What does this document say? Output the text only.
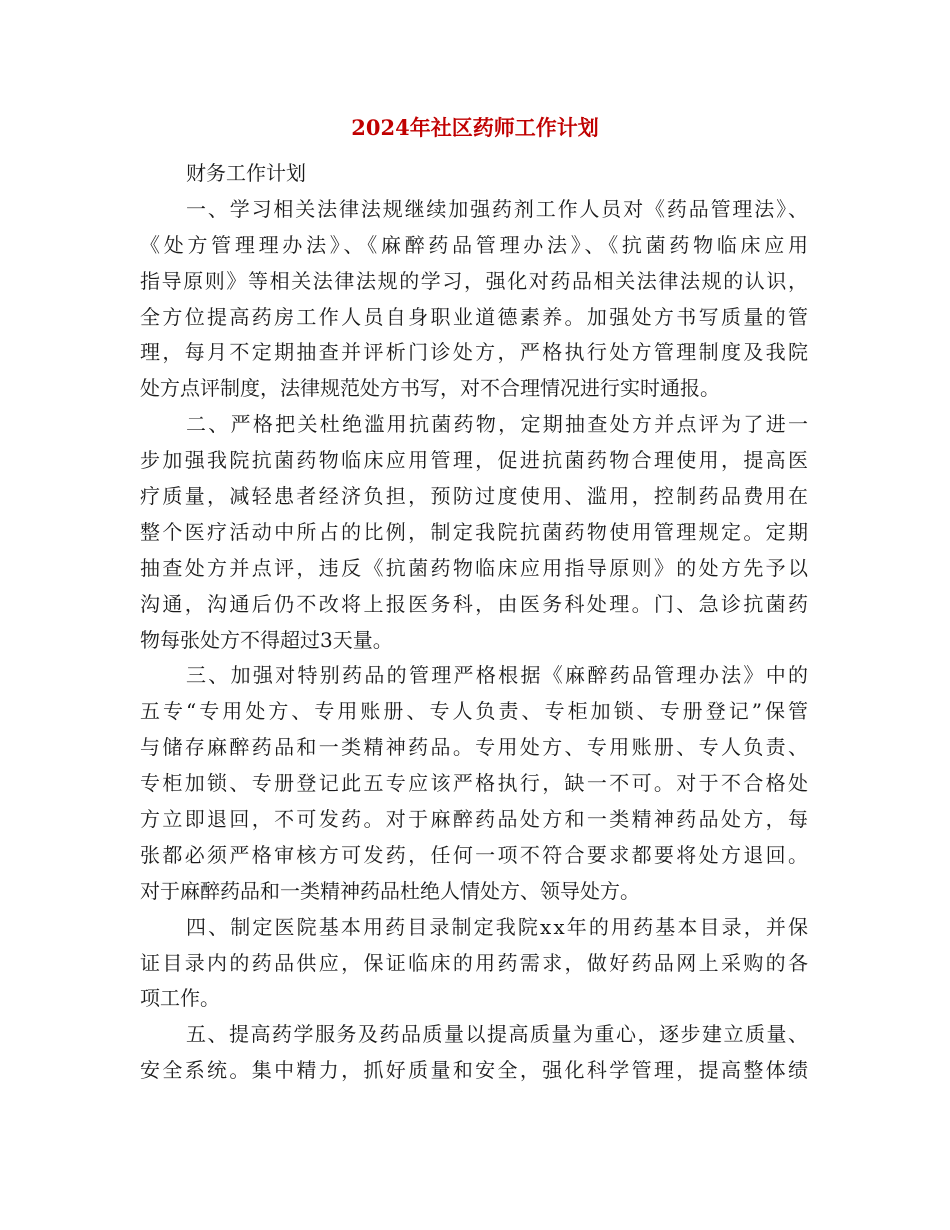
2024年社区药师工作计划
财务工作计划
一、学习相关法律法规继续加强药剂工作人员对《药品管理法》、
《处方管理理办法》、《麻醉药品管理办法》、《抗菌药物临床应用
指导原则》等相关法律法规的学习，强化对药品相关法律法规的认识，
全方位提高药房工作人员自身职业道德素养。加强处方书写质量的管
理，每月不定期抽查并评析门诊处方，严格执行处方管理制度及我院
处方点评制度，法律规范处方书写，对不合理情况进行实时通报。
二、严格把关杜绝滥用抗菌药物，定期抽查处方并点评为了进一
步加强我院抗菌药物临床应用管理，促进抗菌药物合理使用，提高医
疗质量，减轻患者经济负担，预防过度使用、滥用，控制药品费用在
整个医疗活动中所占的比例，制定我院抗菌药物使用管理规定。定期
抽查处方并点评，违反《抗菌药物临床应用指导原则》的处方先予以
沟通，沟通后仍不改将上报医务科，由医务科处理。门、急诊抗菌药
物每张处方不得超过3天量。
三、加强对特别药品的管理严格根据《麻醉药品管理办法》中的
五专“专用处方、专用账册、专人负责、专柜加锁、专册登记”保管
与储存麻醉药品和一类精神药品。专用处方、专用账册、专人负责、
专柜加锁、专册登记此五专应该严格执行，缺一不可。对于不合格处
方立即退回，不可发药。对于麻醉药品处方和一类精神药品处方，每
张都必须严格审核方可发药，任何一项不符合要求都要将处方退回。
对于麻醉药品和一类精神药品杜绝人情处方、领导处方。
四、制定医院基本用药目录制定我院xx年的用药基本目录，并保
证目录内的药品供应，保证临床的用药需求，做好药品网上采购的各
项工作。
五、提高药学服务及药品质量以提高质量为重心，逐步建立质量、
安全系统。集中精力，抓好质量和安全，强化科学管理，提高整体绩
